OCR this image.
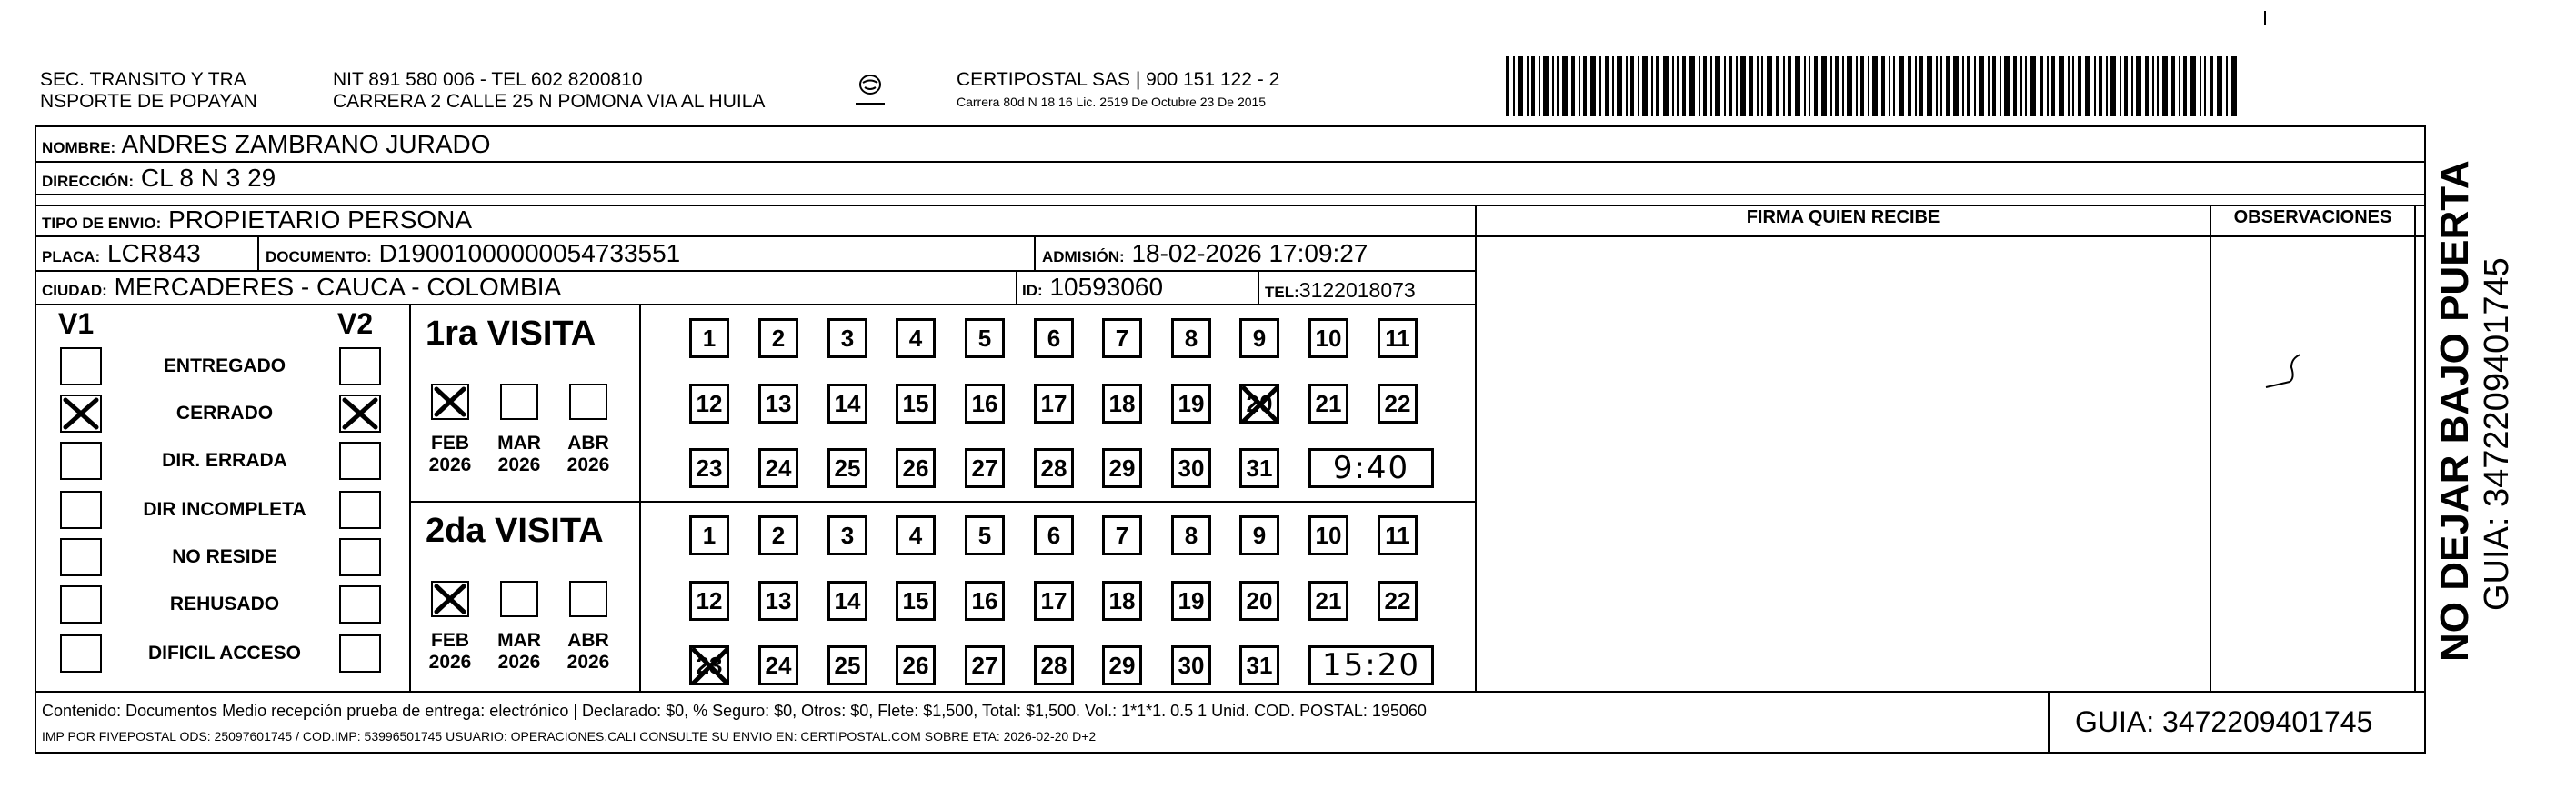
SEC. TRANSITO Y TRA
NSPORTE DE POPAYAN
NIT 891 580 006 - TEL 602 8200810
CARRERA 2 CALLE 25 N POMONA VIA AL HUILA
CERTIPOSTAL SAS | 900 151 122 - 2
Carrera 80d N 18 16 Lic. 2519 De Octubre 23 De 2015
NOMBRE: ANDRES ZAMBRANO JURADO
DIRECCIÓN: CL 8 N 3 29
TIPO DE ENVIO: PROPIETARIO PERSONA
PLACA: LCR843	DOCUMENTO: D19001000000054733551	ADMISIÓN: 18-02-2026 17:09:27
CIUDAD: MERCADERES - CAUCA - COLOMBIA	ID: 10593060	TEL:3122018073
FIRMA QUIEN RECIBE	OBSERVACIONES
V1	V2
ENTREGADO
CERRADO
DIR. ERRADA
DIR INCOMPLETA
NO RESIDE
REHUSADO
DIFICIL ACCESO
1ra VISITA
FEB
2026
MAR
2026
ABR
2026
1 2 3 4 5 6 7 8 9 10 11
12 13 14 15 16 17 18 19 20 21 22
23 24 25 26 27 28 29 30 31 9:40
2da VISITA
FEB
2026
MAR
2026
ABR
2026
1 2 3 4 5 6 7 8 9 10 11
12 13 14 15 16 17 18 19 20 21 22
23 24 25 26 27 28 29 30 31 15:20
Contenido: Documentos Medio recepción prueba de entrega: electrónico | Declarado: $0, % Seguro: $0, Otros: $0, Flete: $1,500, Total: $1,500. Vol.: 1*1*1. 0.5 1 Unid. COD. POSTAL: 195060
IMP POR FIVEPOSTAL ODS: 25097601745 / COD.IMP: 53996501745 USUARIO: OPERACIONES.CALI CONSULTE SU ENVIO EN: CERTIPOSTAL.COM SOBRE ETA: 2026-02-20 D+2	GUIA: 3472209401745
NO DEJAR BAJO PUERTA GUIA: 3472209401745
